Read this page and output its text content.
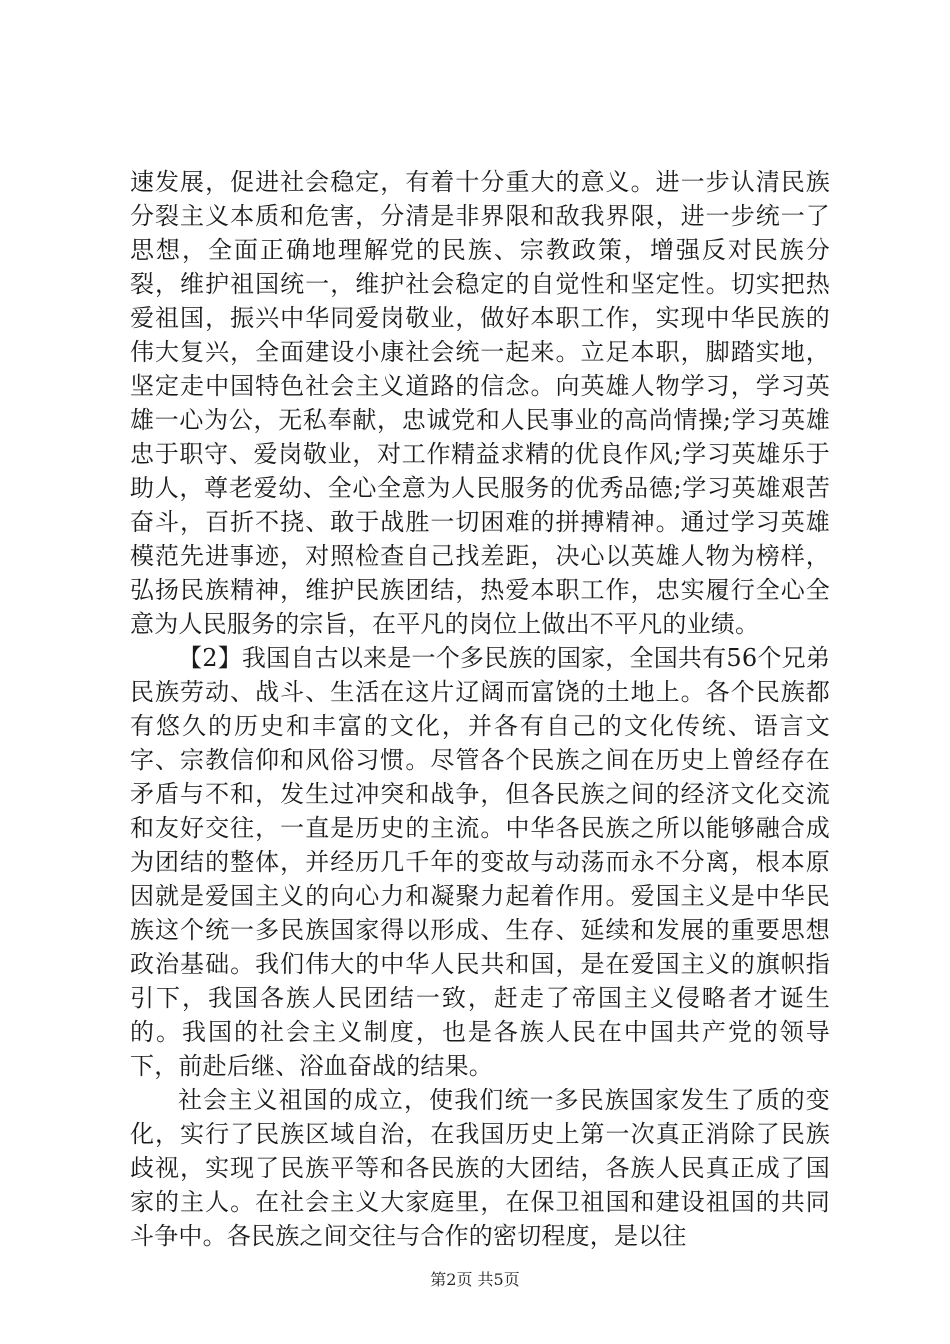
速发展，促进社会稳定，有着十分重大的意义。进一步认清民族分裂主义本质和危害，分清是非界限和敌我界限，进一步统一了思想，全面正确地理解党的民族、宗教政策，增强反对民族分裂，维护祖国统一，维护社会稳定的自觉性和坚定性。切实把热爱祖国，振兴中华同爱岗敬业，做好本职工作，实现中华民族的伟大复兴，全面建设小康社会统一起来。立足本职，脚踏实地，坚定走中国特色社会主义道路的信念。向英雄人物学习，学习英雄一心为公，无私奉献，忠诚党和人民事业的高尚情操;学习英雄忠于职守、爱岗敬业，对工作精益求精的优良作风;学习英雄乐于助人，尊老爱幼、全心全意为人民服务的优秀品德;学习英雄艰苦奋斗，百折不挠、敢于战胜一切困难的拼搏精神。通过学习英雄模范先进事迹，对照检查自己找差距，决心以英雄人物为榜样，弘扬民族精神，维护民族团结，热爱本职工作，忠实履行全心全意为人民服务的宗旨，在平凡的岗位上做出不平凡的业绩。

【2】我国自古以来是一个多民族的国家，全国共有56个兄弟民族劳动、战斗、生活在这片辽阔而富饶的土地上。各个民族都有悠久的历史和丰富的文化，并各有自己的文化传统、语言文字、宗教信仰和风俗习惯。尽管各个民族之间在历史上曾经存在矛盾与不和，发生过冲突和战争，但各民族之间的经济文化交流和友好交往，一直是历史的主流。中华各民族之所以能够融合成为团结的整体，并经历几千年的变故与动荡而永不分离，根本原因就是爱国主义的向心力和凝聚力起着作用。爱国主义是中华民族这个统一多民族国家得以形成、生存、延续和发展的重要思想政治基础。我们伟大的中华人民共和国，是在爱国主义的旗帜指引下，我国各族人民团结一致，赶走了帝国主义侵略者才诞生的。我国的社会主义制度，也是各族人民在中国共产党的领导下，前赴后继、浴血奋战的结果。

社会主义祖国的成立，使我们统一多民族国家发生了质的变化，实行了民族区域自治，在我国历史上第一次真正消除了民族歧视，实现了民族平等和各民族的大团结，各族人民真正成了国家的主人。在社会主义大家庭里，在保卫祖国和建设祖国的共同斗争中。各民族之间交往与合作的密切程度，是以往

第2页 共5页
